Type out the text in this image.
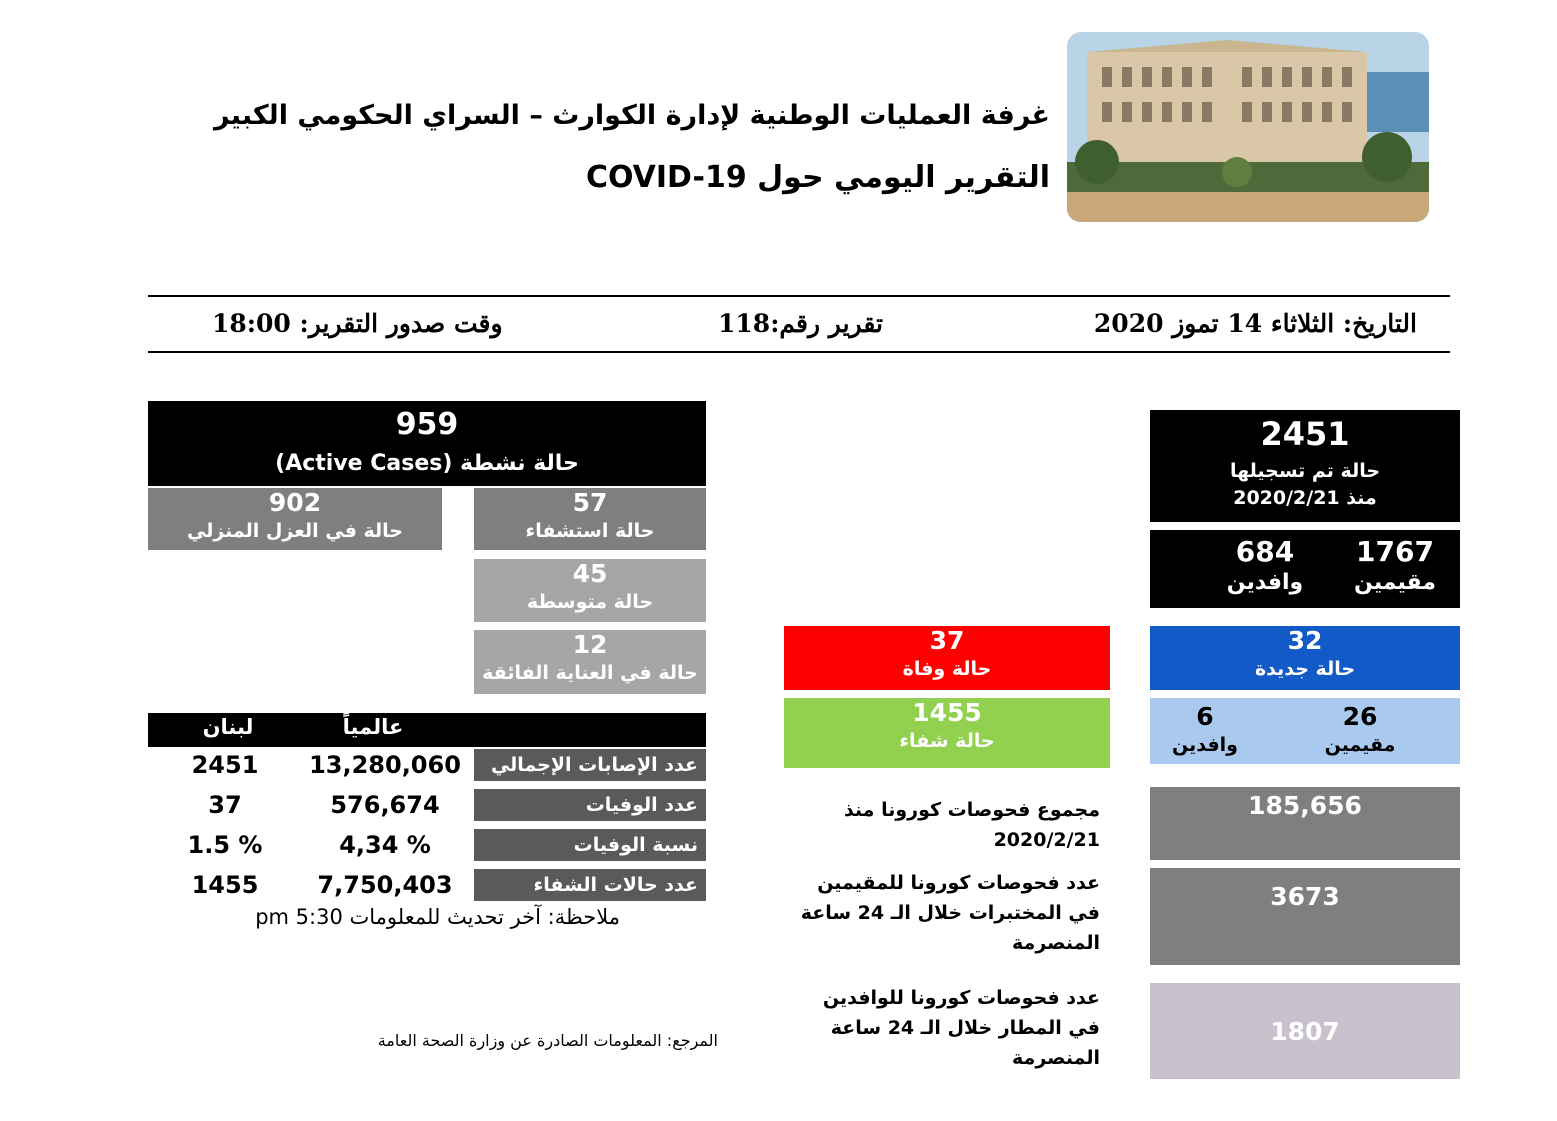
غرفة العمليات الوطنية لإدارة الكوارث – السراي الحكومي الكبير
التقرير اليومي حول COVID-19
التاريخ: الثلاثاء 14 تموز 2020
تقرير رقم:118
وقت صدور التقرير: 18:00
959
حالة نشطة (Active Cases)
902
حالة في العزل المنزلي
57
حالة استشفاء
45
حالة متوسطة
12
حالة في العناية الفائقة
2451
حالة تم تسجيلها
منذ 2020/2/21
684
وافدين
1767
مقيمين
37
حالة وفاة
32
حالة جديدة
1455
حالة شفاء
6
وافدين
26
مقيمين
عالمياً
لبنان
عدد الإصابات الإجمالي
13,280,060
2451
عدد الوفيات
576,674
37
نسبة الوفيات
4,34 %
1.5 %
عدد حالات الشفاء
7,750,403
1455
ملاحظة: آخر تحديث للمعلومات 5:30 pm
مجموع فحوصات كورونا منذ 2020/2/21
185,656
عدد فحوصات كورونا للمقيمين في المختبرات خلال الـ 24 ساعة المنصرمة
3673
عدد فحوصات كورونا للوافدين في المطار خلال الـ 24 ساعة المنصرمة
1807
المرجع: المعلومات الصادرة عن وزارة الصحة العامة
